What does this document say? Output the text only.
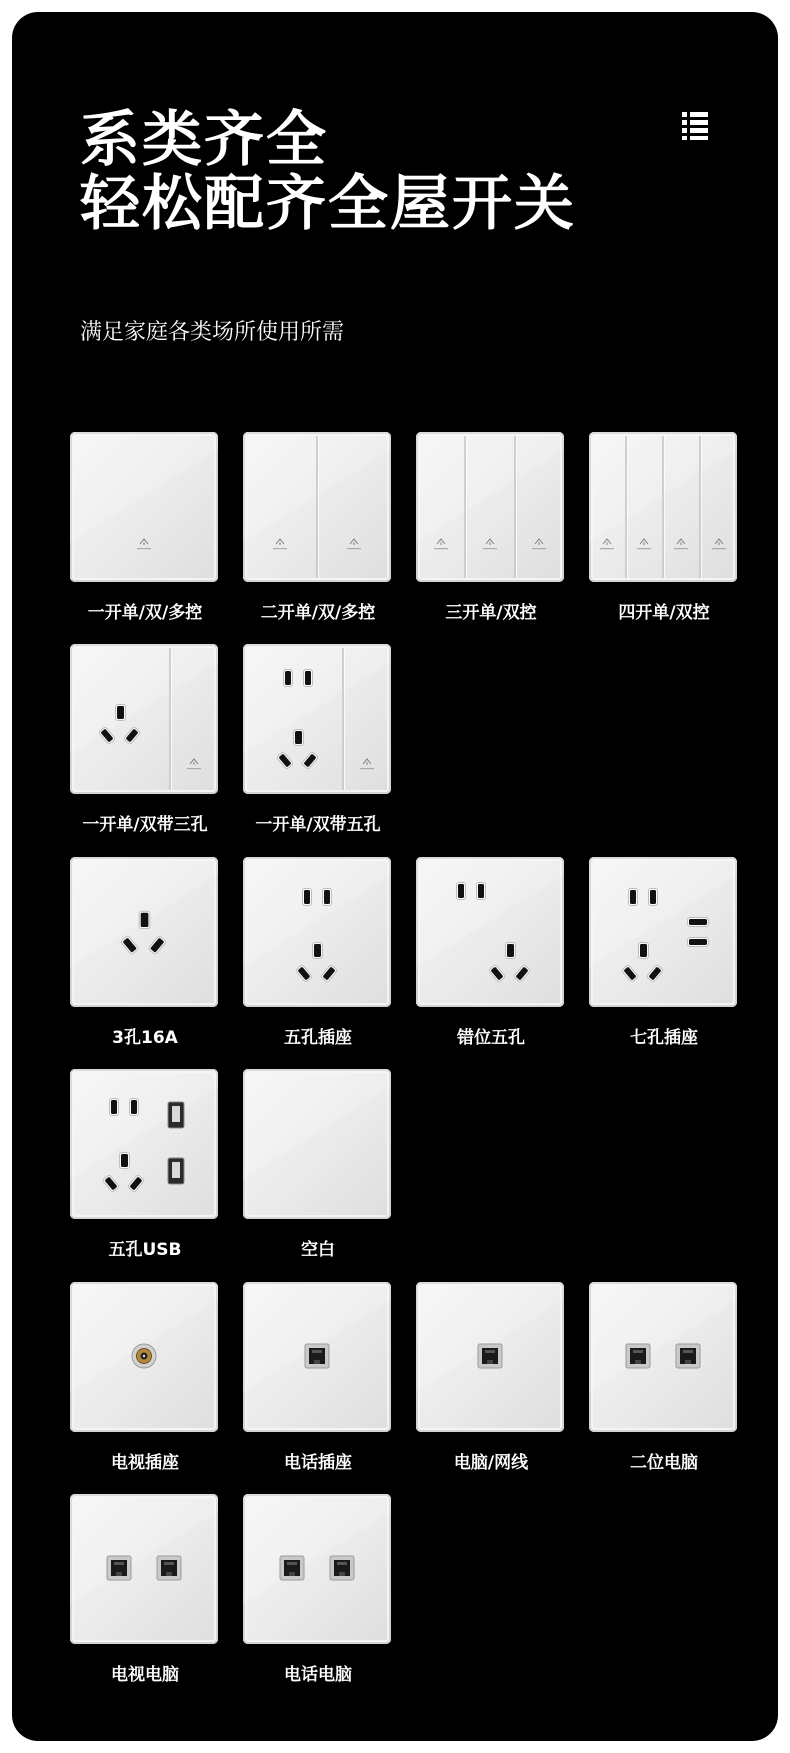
系类齐全
轻松配齐全屋开关
满足家庭各类场所使用所需
一开单/双/多控	二开单/双/多控	三开单/双控	四开单/双控
一开单/双带三孔	一开单/双带五孔
3孔16A	五孔插座	错位五孔	七孔插座
五孔USB	空白
电视插座	电话插座	电脑/网线	二位电脑
电视电脑	电话电脑
